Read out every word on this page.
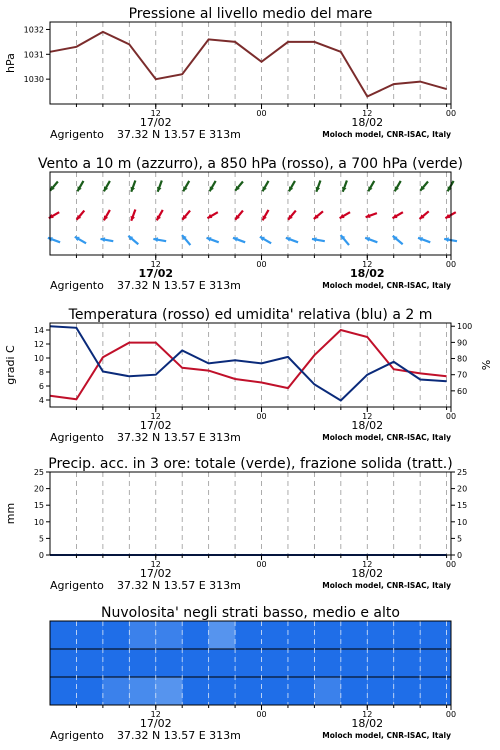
Pressione al livello medio del mare
1030
1031
1032
hPa
12	00	12	00
17/02	18/02
Agrigento 37.32 N 13.57 E 313m	Moloch model, CNR-ISAC, Italy
Vento a 10 m (azzurro), a 850 hPa (rosso), a 700 hPa (verde)
12	00	12	00
17/02	18/02
Agrigento 37.32 N 13.57 E 313m	Moloch model, CNR-ISAC, Italy
Temperatura (rosso) ed umidita' relativa (blu) a 2 m
4
6
8
10
12
14
60
70
80
90
100
gradi C	%
12	00	12	00
17/02	18/02
Agrigento 37.32 N 13.57 E 313m	Moloch model, CNR-ISAC, Italy
Precip. acc. in 3 ore: totale (verde), frazione solida (tratt.)
0
5
10
15
20
25
0
5
10
15
20
25
mm
12	00	12	00
17/02	18/02
Agrigento 37.32 N 13.57 E 313m	Moloch model, CNR-ISAC, Italy
Nuvolosita' negli strati basso, medio e alto
12	00	12	00
17/02	18/02
Agrigento 37.32 N 13.57 E 313m	Moloch model, CNR-ISAC, Italy
